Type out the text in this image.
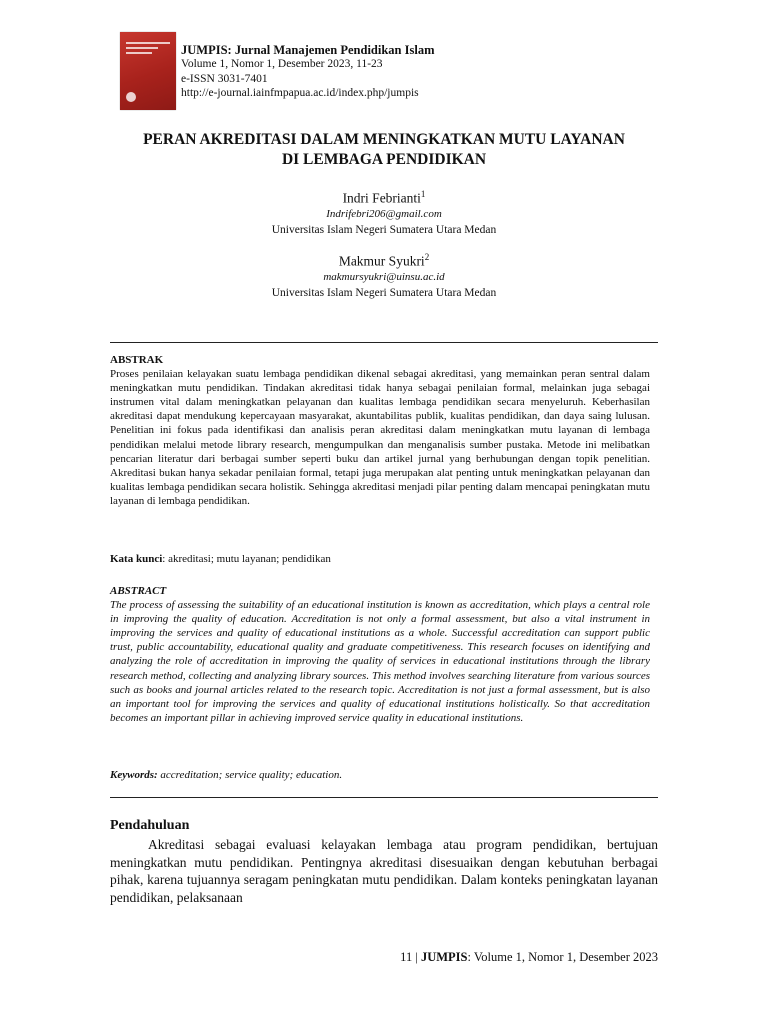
JUMPIS: Jurnal Manajemen Pendidikan Islam
Volume 1, Nomor 1, Desember 2023, 11-23
e-ISSN 3031-7401
http://e-journal.iainfmpapua.ac.id/index.php/jumpis
PERAN AKREDITASI DALAM MENINGKATKAN MUTU LAYANAN
DI LEMBAGA PENDIDIKAN
Indri Febrianti$^1$
Indrifebri206@gmail.com
Universitas Islam Negeri Sumatera Utara Medan
Makmur Syukri$^2$
makmursyukri@uinsu.ac.id
Universitas Islam Negeri Sumatera Utara Medan
ABSTRAK
Proses penilaian kelayakan suatu lembaga pendidikan dikenal sebagai akreditasi, yang memainkan peran sentral dalam meningkatkan mutu pendidikan. Tindakan akreditasi tidak hanya sebagai penilaian formal, melainkan juga sebagai instrumen vital dalam meningkatkan pelayanan dan kualitas lembaga pendidikan secara menyeluruh. Keberhasilan akreditasi dapat mendukung kepercayaan masyarakat, akuntabilitas publik, kualitas pendidikan, dan daya saing lulusan. Penelitian ini fokus pada identifikasi dan analisis peran akreditasi dalam meningkatkan mutu layanan di lembaga pendidikan melalui metode library research, mengumpulkan dan menganalisis sumber pustaka. Metode ini melibatkan pencarian literatur dari berbagai sumber seperti buku dan artikel jurnal yang berhubungan dengan topik penelitian. Akreditasi bukan hanya sekadar penilaian formal, tetapi juga merupakan alat penting untuk meningkatkan pelayanan dan kualitas lembaga pendidikan secara holistik. Sehingga akreditasi menjadi pilar penting dalam mencapai peningkatan mutu layanan di lembaga pendidikan.
Kata kunci: akreditasi; mutu layanan; pendidikan
ABSTRACT
The process of assessing the suitability of an educational institution is known as accreditation, which plays a central role in improving the quality of education. Accreditation is not only a formal assessment, but also a vital instrument in improving the services and quality of educational institutions as a whole. Successful accreditation can support public trust, public accountability, educational quality and graduate competitiveness. This research focuses on identifying and analyzing the role of accreditation in improving the quality of services in educational institutions through the library research method, collecting and analyzing library sources. This method involves searching literature from various sources such as books and journal articles related to the research topic. Accreditation is not just a formal assessment, but is also an important tool for improving the services and quality of educational institutions holistically. So that accreditation becomes an important pillar in achieving improved service quality in educational institutions.
Keywords: accreditation; service quality; education.
Pendahuluan
Akreditasi sebagai evaluasi kelayakan lembaga atau program pendidikan, bertujuan meningkatkan mutu pendidikan. Pentingnya akreditasi disesuaikan dengan kebutuhan berbagai pihak, karena tujuannya seragam peningkatan mutu pendidikan. Dalam konteks peningkatan layanan pendidikan, pelaksanaan
11 | JUMPIS: Volume 1, Nomor 1, Desember 2023
